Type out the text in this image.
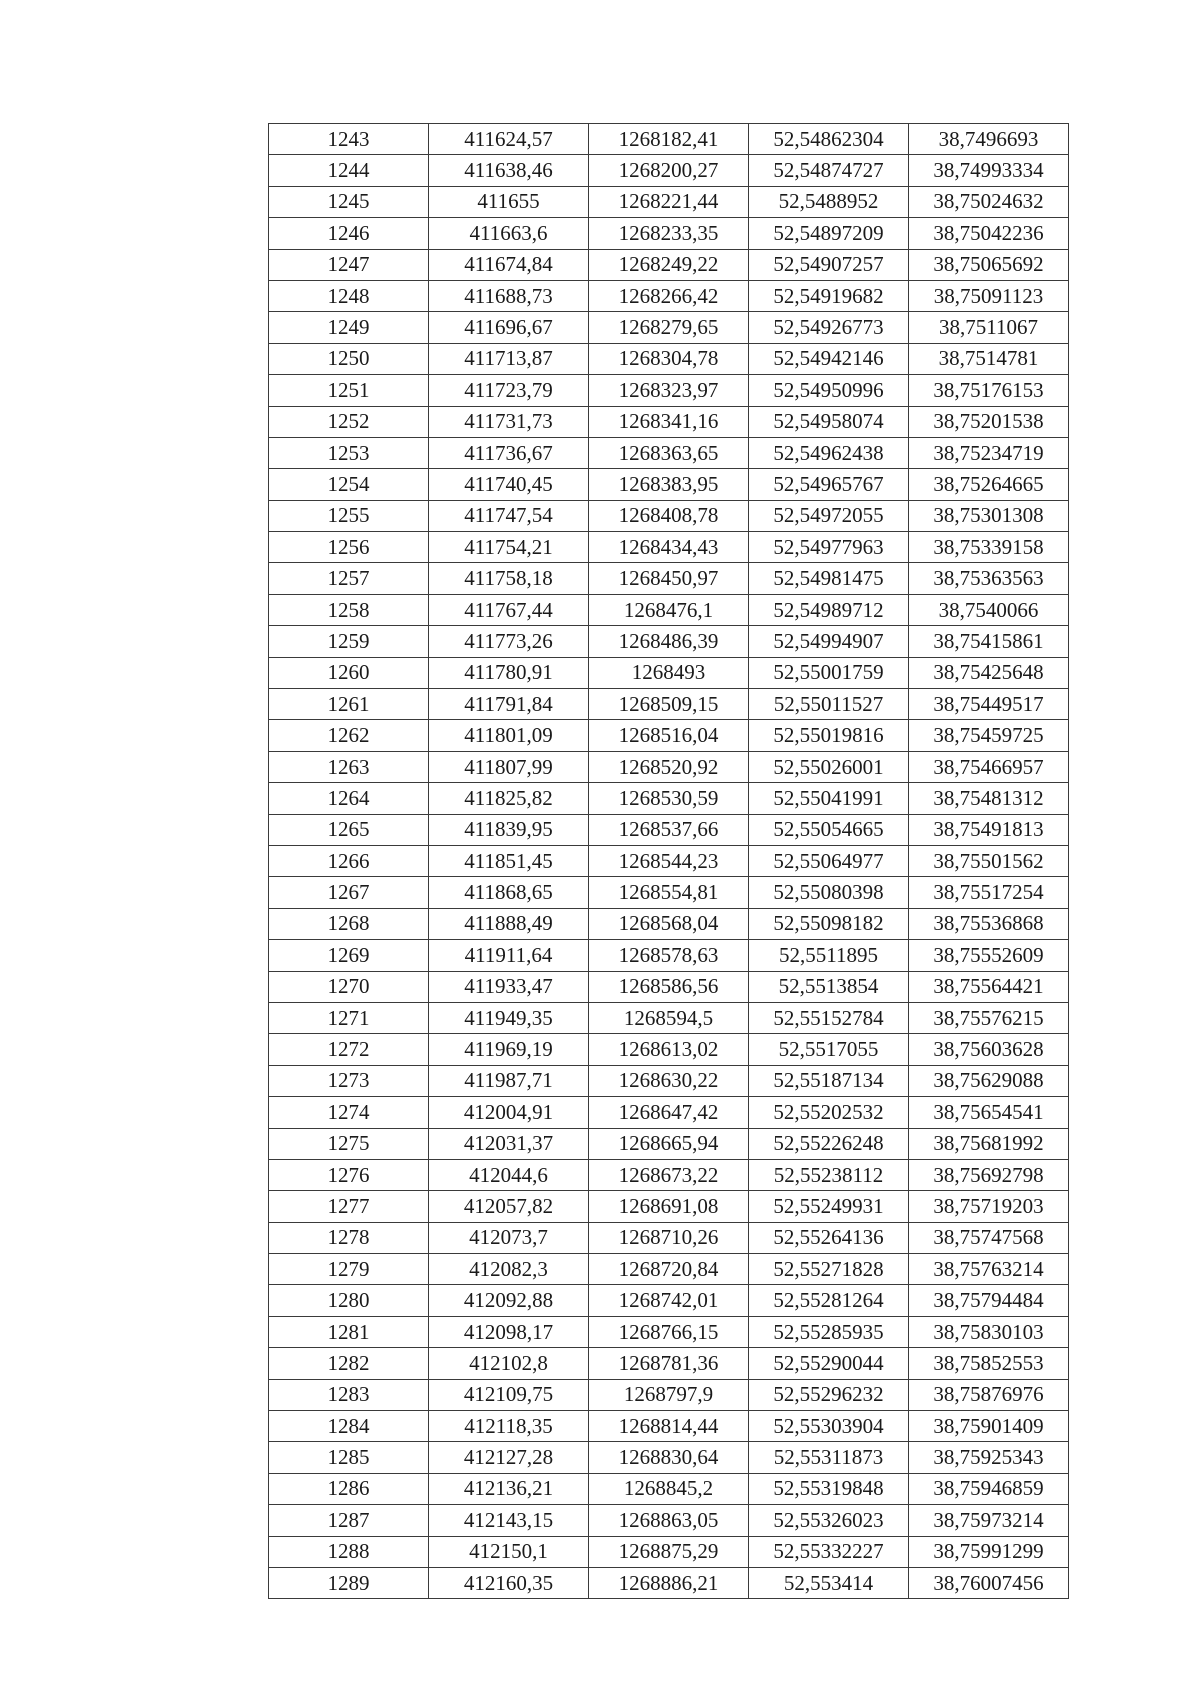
1243	411624,57	1268182,41	52,54862304	38,7496693
1244	411638,46	1268200,27	52,54874727	38,74993334
1245	411655	1268221,44	52,5488952	38,75024632
1246	411663,6	1268233,35	52,54897209	38,75042236
1247	411674,84	1268249,22	52,54907257	38,75065692
1248	411688,73	1268266,42	52,54919682	38,75091123
1249	411696,67	1268279,65	52,54926773	38,7511067
1250	411713,87	1268304,78	52,54942146	38,7514781
1251	411723,79	1268323,97	52,54950996	38,75176153
1252	411731,73	1268341,16	52,54958074	38,75201538
1253	411736,67	1268363,65	52,54962438	38,75234719
1254	411740,45	1268383,95	52,54965767	38,75264665
1255	411747,54	1268408,78	52,54972055	38,75301308
1256	411754,21	1268434,43	52,54977963	38,75339158
1257	411758,18	1268450,97	52,54981475	38,75363563
1258	411767,44	1268476,1	52,54989712	38,7540066
1259	411773,26	1268486,39	52,54994907	38,75415861
1260	411780,91	1268493	52,55001759	38,75425648
1261	411791,84	1268509,15	52,55011527	38,75449517
1262	411801,09	1268516,04	52,55019816	38,75459725
1263	411807,99	1268520,92	52,55026001	38,75466957
1264	411825,82	1268530,59	52,55041991	38,75481312
1265	411839,95	1268537,66	52,55054665	38,75491813
1266	411851,45	1268544,23	52,55064977	38,75501562
1267	411868,65	1268554,81	52,55080398	38,75517254
1268	411888,49	1268568,04	52,55098182	38,75536868
1269	411911,64	1268578,63	52,5511895	38,75552609
1270	411933,47	1268586,56	52,5513854	38,75564421
1271	411949,35	1268594,5	52,55152784	38,75576215
1272	411969,19	1268613,02	52,5517055	38,75603628
1273	411987,71	1268630,22	52,55187134	38,75629088
1274	412004,91	1268647,42	52,55202532	38,75654541
1275	412031,37	1268665,94	52,55226248	38,75681992
1276	412044,6	1268673,22	52,55238112	38,75692798
1277	412057,82	1268691,08	52,55249931	38,75719203
1278	412073,7	1268710,26	52,55264136	38,75747568
1279	412082,3	1268720,84	52,55271828	38,75763214
1280	412092,88	1268742,01	52,55281264	38,75794484
1281	412098,17	1268766,15	52,55285935	38,75830103
1282	412102,8	1268781,36	52,55290044	38,75852553
1283	412109,75	1268797,9	52,55296232	38,75876976
1284	412118,35	1268814,44	52,55303904	38,75901409
1285	412127,28	1268830,64	52,55311873	38,75925343
1286	412136,21	1268845,2	52,55319848	38,75946859
1287	412143,15	1268863,05	52,55326023	38,75973214
1288	412150,1	1268875,29	52,55332227	38,75991299
1289	412160,35	1268886,21	52,553414	38,76007456
